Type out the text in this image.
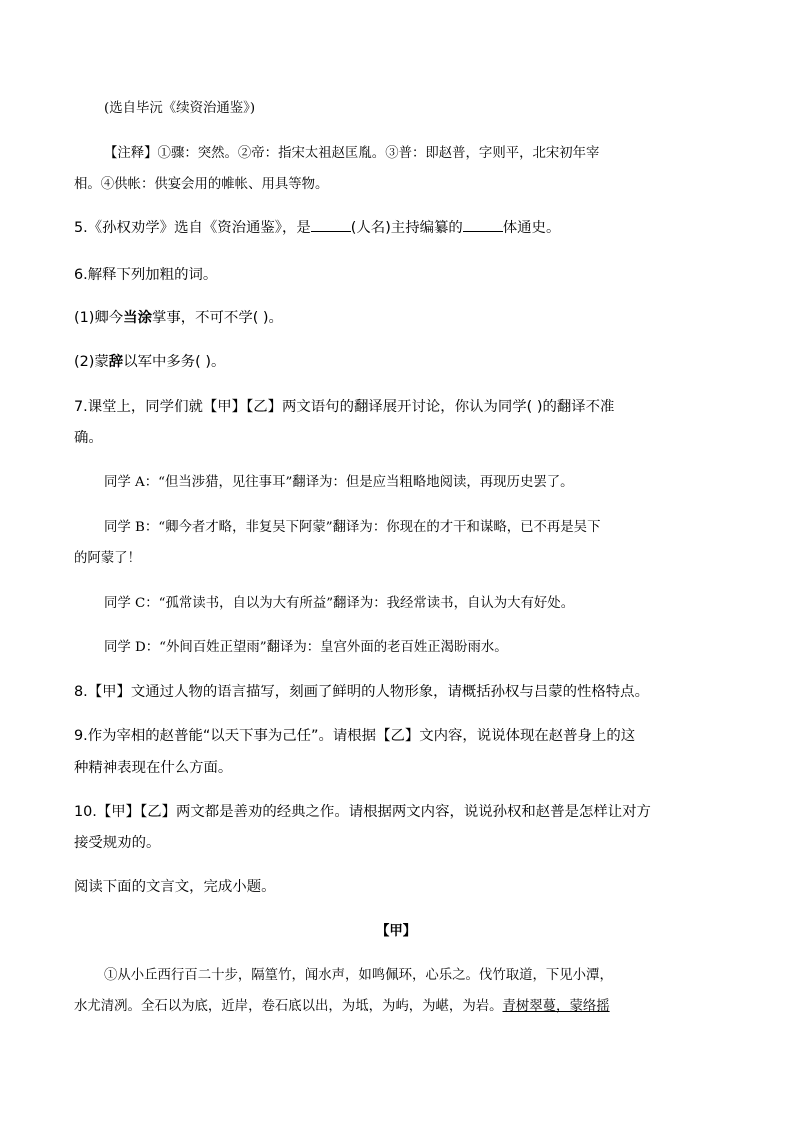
(选自毕沅《续资治通鉴》)
【注释】①骤：突然。②帝：指宋太祖赵匡胤。③普：即赵普，字则平，北宋初年宰
相。④供帐：供宴会用的帷帐、用具等物。
5.《孙权劝学》选自《资治通鉴》，是	(人名)主持编纂的	体通史。
6.解释下列加粗的词。
(1)卿今当涂掌事，不可不学( )。
(2)蒙辞以军中多务( )。
7.课堂上，同学们就【甲】【乙】两文语句的翻译展开讨论，你认为同学( )的翻译不准
确。
同学 A：“但当涉猎，见往事耳”翻译为：但是应当粗略地阅读，再现历史罢了。
同学 B：“卿今者才略，非复吴下阿蒙”翻译为：你现在的才干和谋略，已不再是吴下
的阿蒙了！
同学 C：“孤常读书，自以为大有所益”翻译为：我经常读书，自认为大有好处。
同学 D：“外间百姓正望雨”翻译为：皇宫外面的老百姓正渴盼雨水。
8.【甲】文通过人物的语言描写，刻画了鲜明的人物形象，请概括孙权与吕蒙的性格特点。
9.作为宰相的赵普能“以天下事为己任”。请根据【乙】文内容，说说体现在赵普身上的这
种精神表现在什么方面。
10.【甲】【乙】两文都是善劝的经典之作。请根据两文内容，说说孙权和赵普是怎样让对方
接受规劝的。
阅读下面的文言文，完成小题。
【甲】
①从小丘西行百二十步，隔篁竹，闻水声，如鸣佩环，心乐之。伐竹取道，下见小潭，
水尤清冽。全石以为底，近岸，卷石底以出，为坻，为屿，为嵁，为岩。青树翠蔓，蒙络摇
